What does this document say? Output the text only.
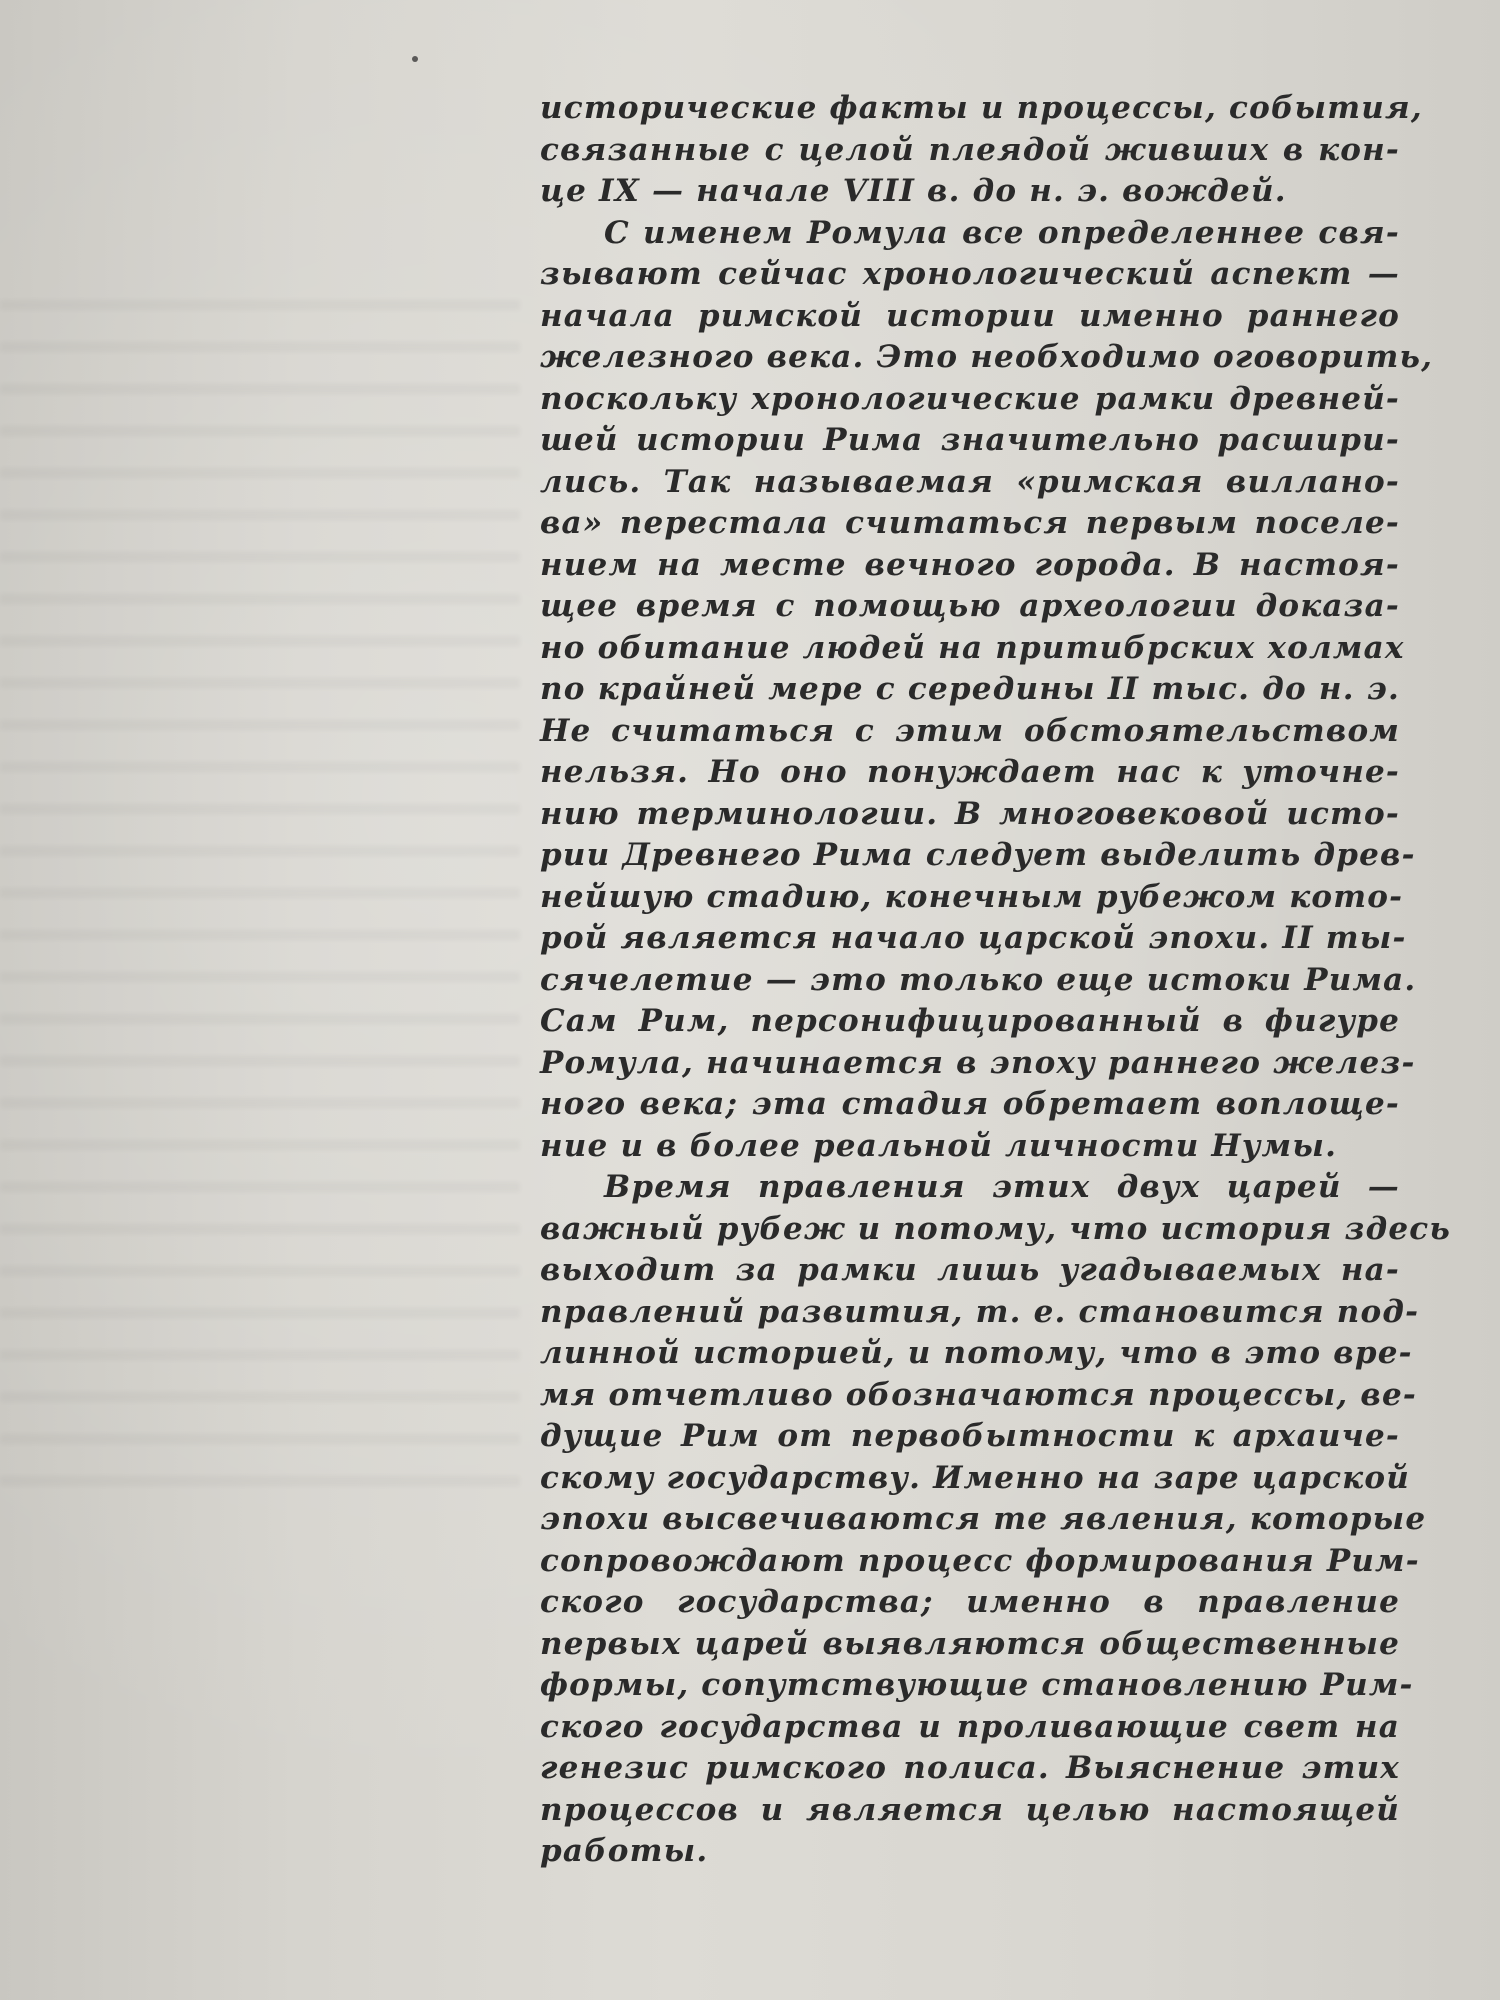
исторические факты и процессы, события,
связанные с целой плеядой живших в кон-
це IX — начале VIII в. до н. э. вождей.
С именем Ромула все определеннее свя-
зывают сейчас хронологический аспект —
начала римской истории именно раннего
железного века. Это необходимо оговорить,
поскольку хронологические рамки древней-
шей истории Рима значительно расшири-
лись. Так называемая «римская виллано-
ва» перестала считаться первым поселе-
нием на месте вечного города. В настоя-
щее время с помощью археологии доказа-
но обитание людей на притибрских холмах
по крайней мере с середины II тыс. до н. э.
Не считаться с этим обстоятельством
нельзя. Но оно понуждает нас к уточне-
нию терминологии. В многовековой исто-
рии Древнего Рима следует выделить древ-
нейшую стадию, конечным рубежом кото-
рой является начало царской эпохи. II ты-
сячелетие — это только еще истоки Рима.
Сам Рим, персонифицированный в фигуре
Ромула, начинается в эпоху раннего желез-
ного века; эта стадия обретает воплоще-
ние и в более реальной личности Нумы.
Время правления этих двух царей —
важный рубеж и потому, что история здесь
выходит за рамки лишь угадываемых на-
правлений развития, т. е. становится под-
линной историей, и потому, что в это вре-
мя отчетливо обозначаются процессы, ве-
дущие Рим от первобытности к архаиче-
скому государству. Именно на заре царской
эпохи высвечиваются те явления, которые
сопровождают процесс формирования Рим-
ского государства; именно в правление
первых царей выявляются общественные
формы, сопутствующие становлению Рим-
ского государства и проливающие свет на
генезис римского полиса. Выяснение этих
процессов и является целью настоящей
работы.
